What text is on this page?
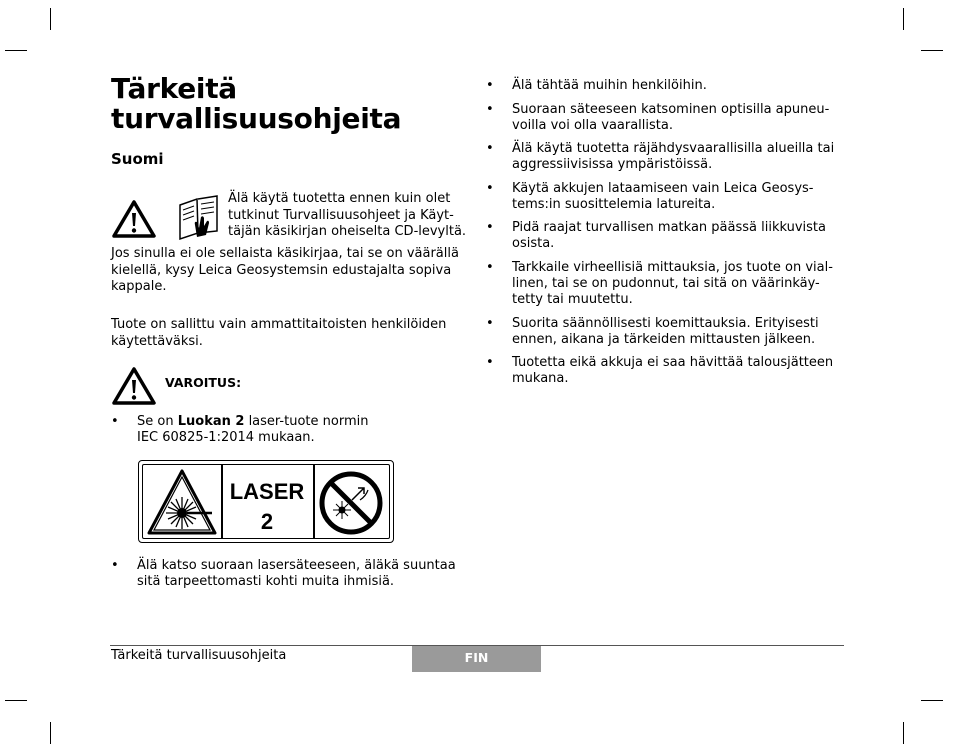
Tärkeitä
turvallisuusohjeita
Suomi
Älä käytä tuotetta ennen kuin olet
tutkinut Turvallisuusohjeet ja Käyt-
täjän käsikirjan oheiselta CD-levyltä.
Jos sinulla ei ole sellaista käsikirjaa, tai se on väärällä
kielellä, kysy Leica Geosystemsin edustajalta sopiva
kappale.
Tuote on sallittu vain ammattitaitoisten henkilöiden
käytettäväksi.
VAROITUS:
• Se on Luokan 2 laser-tuote normin
IEC 60825-1:2014 mukaan.
LASER
2
• Älä katso suoraan lasersäteeseen, äläkä suuntaa
sitä tarpeettomasti kohti muita ihmisiä.
• Älä tähtää muihin henkilöihin.
• Suoraan säteeseen katsominen optisilla apuneu-
voilla voi olla vaarallista.
• Älä käytä tuotetta räjähdysvaarallisilla alueilla tai
aggressiivisissa ympäristöissä.
• Käytä akkujen lataamiseen vain Leica Geosys-
tems:in suosittelemia latureita.
• Pidä raajat turvallisen matkan päässä liikkuvista
osista.
• Tarkkaile virheellisiä mittauksia, jos tuote on vial-
linen, tai se on pudonnut, tai sitä on väärinkäy-
tetty tai muutettu.
• Suorita säännöllisesti koemittauksia. Erityisesti
ennen, aikana ja tärkeiden mittausten jälkeen.
• Tuotetta eikä akkuja ei saa hävittää talousjätteen
mukana.
Tärkeitä turvallisuusohjeita	FIN
